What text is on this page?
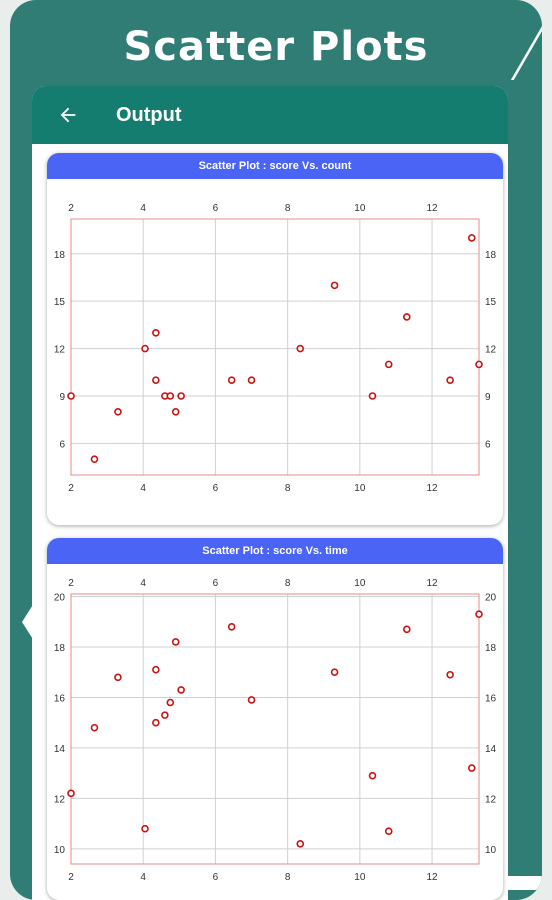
Scatter Plots
Output
Scatter Plot : score Vs. count
2
2
4
4
6
6
8
8
10
10
12
12
6	6
9	9
12	12
15	15
18	18
Scatter Plot : score Vs. time
2
2
4
4
6
6
8
8
10
10
12
12
10	10
12	12
14	14
16	16
18	18
20	20
